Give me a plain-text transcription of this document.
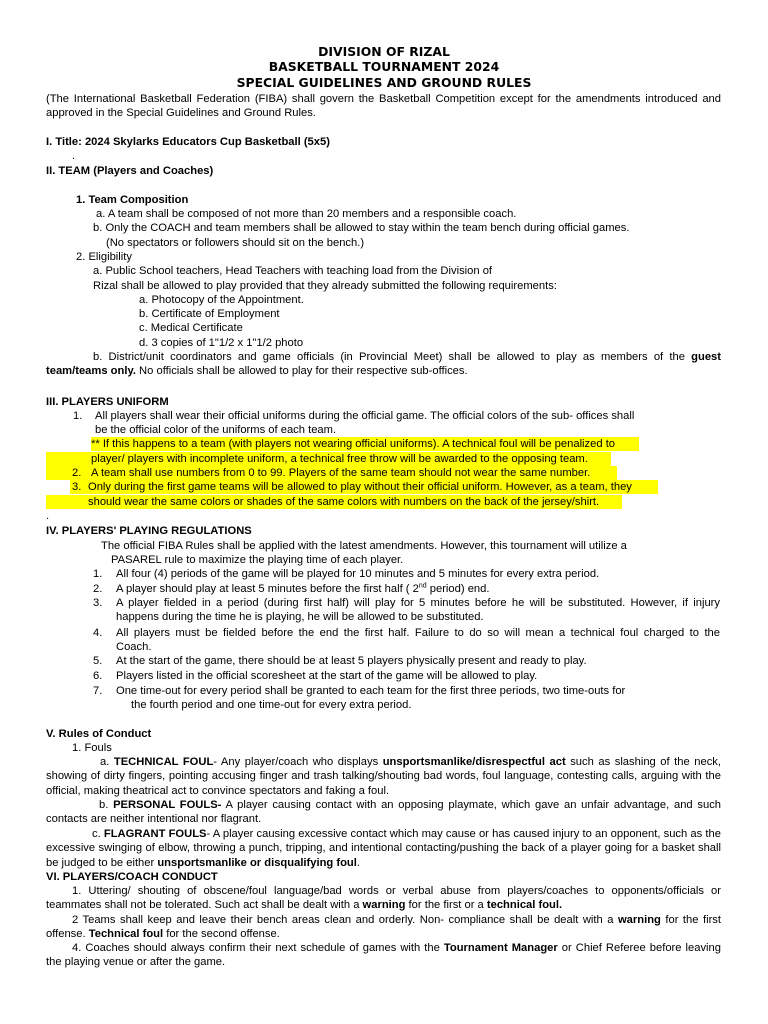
DIVISION OF RIZAL
BASKETBALL TOURNAMENT 2024
SPECIAL GUIDELINES AND GROUND RULES
(The International Basketball Federation (FIBA) shall govern the Basketball Competition except for the amendments introduced and approved in the Special Guidelines and Ground Rules.
I. Title: 2024 Skylarks Educators Cup Basketball (5x5)
.
II. TEAM (Players and Coaches)
1. Team Composition
a. A team shall be composed of not more than 20 members and a responsible coach.
b. Only the COACH and team members shall be allowed to stay within the team bench during official games.
(No spectators or followers should sit on the bench.)
2. Eligibility
a. Public School teachers, Head Teachers with teaching load from the Division of
Rizal shall be allowed to play provided that they already submitted the following requirements:
a. Photocopy of the Appointment.
b. Certificate of Employment
c. Medical Certificate
d. 3 copies of 1"1/2 x 1"1/2 photo
b. District/unit coordinators and game officials (in Provincial Meet) shall be allowed to play as members of the guest team/teams only. No officials shall be allowed to play for their respective sub-offices.
III. PLAYERS UNIFORM
1. All players shall wear their official uniforms during the official game. The official colors of the sub- offices shall
be the official color of the uniforms of each team.
** If this happens to a team (with players not wearing official uniforms). A technical foul will be penalized to
player/ players with incomplete uniform, a technical free throw will be awarded to the opposing team.
2. A team shall use numbers from 0 to 99. Players of the same team should not wear the same number.
3. Only during the first game teams will be allowed to play without their official uniform. However, as a team, they
should wear the same colors or shades of the same colors with numbers on the back of the jersey/shirt.
.
IV. PLAYERS' PLAYING REGULATIONS
The official FIBA Rules shall be applied with the latest amendments. However, this tournament will utilize a
PASAREL rule to maximize the playing time of each player.
1. All four (4) periods of the game will be played for 10 minutes and 5 minutes for every extra period.
2. A player should play at least 5 minutes before the first half ( 2nd period) end.
3. A player fielded in a period (during first half) will play for 5 minutes before he will be substituted. However, if injury
happens during the time he is playing, he will be allowed to be substituted.
4. All players must be fielded before the end the first half. Failure to do so will mean a technical foul charged to the
Coach.
5. At the start of the game, there should be at least 5 players physically present and ready to play.
6. Players listed in the official scoresheet at the start of the game will be allowed to play.
7. One time-out for every period shall be granted to each team for the first three periods, two time-outs for
the fourth period and one time-out for every extra period.
V. Rules of Conduct
1. Fouls
a. TECHNICAL FOUL- Any player/coach who displays unsportsmanlike/disrespectful act such as slashing of the neck, showing of dirty fingers, pointing accusing finger and trash talking/shouting bad words, foul language, contesting calls, arguing with the official, making theatrical act to convince spectators and faking a foul.
b. PERSONAL FOULS- A player causing contact with an opposing playmate, which gave an unfair advantage, and such contacts are neither intentional nor flagrant.
c. FLAGRANT FOULS- A player causing excessive contact which may cause or has caused injury to an opponent, such as the excessive swinging of elbow, throwing a punch, tripping, and intentional contacting/pushing the back of a player going for a basket shall be judged to be either unsportsmanlike or disqualifying foul.
VI. PLAYERS/COACH CONDUCT
1. Uttering/ shouting of obscene/foul language/bad words or verbal abuse from players/coaches to opponents/officials or teammates shall not be tolerated. Such act shall be dealt with a warning for the first or a technical foul.
2 Teams shall keep and leave their bench areas clean and orderly. Non- compliance shall be dealt with a warning for the first offense. Technical foul for the second offense.
4. Coaches should always confirm their next schedule of games with the Tournament Manager or Chief Referee before leaving the playing venue or after the game.
